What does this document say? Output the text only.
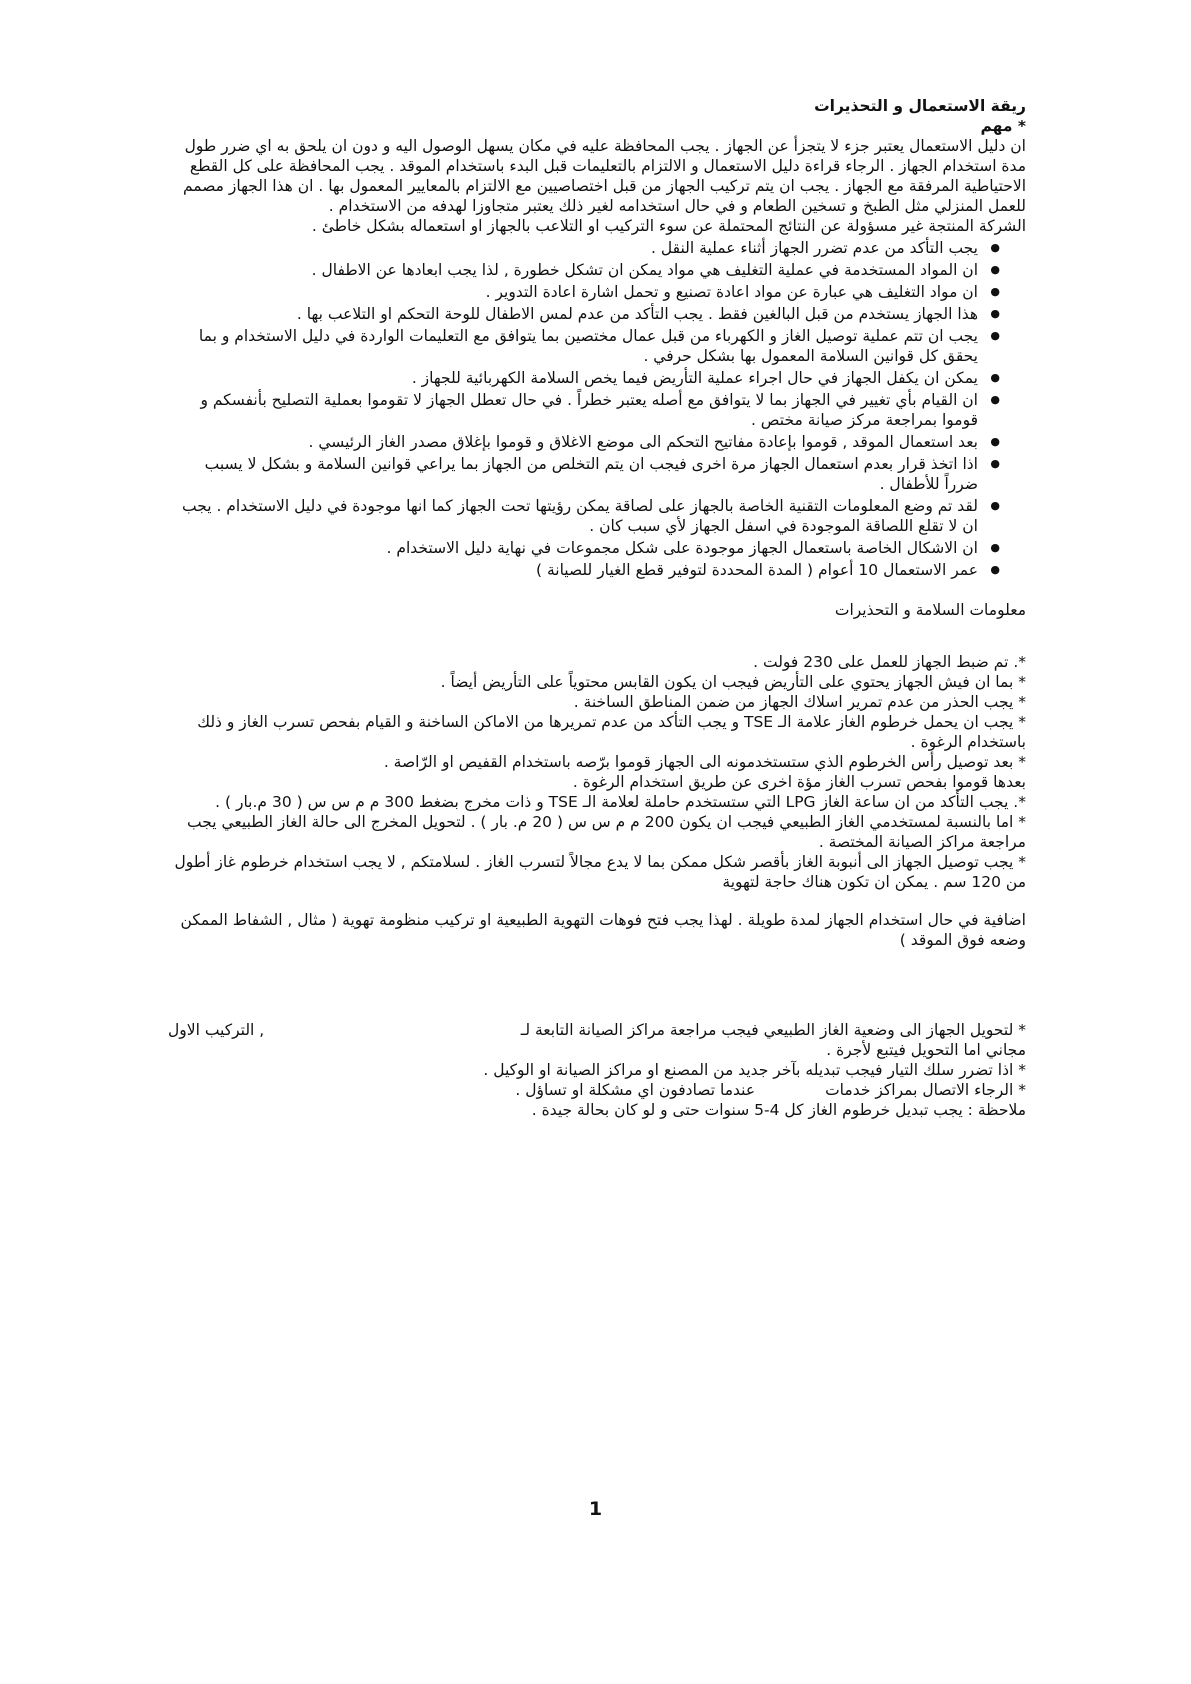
ريقة الاستعمال و التحذيرات
* مهم

ان دليل الاستعمال يعتبر جزء لا يتجزأ عن الجهاز . يجب المحافظة عليه في مكان يسهل الوصول اليه و دون ان يلحق به اي ضرر طول مدة استخدام الجهاز . الرجاء قراءة دليل الاستعمال و الالتزام بالتعليمات قبل البدء باستخدام الموقد . يجب المحافظة على كل القطع الاحتياطية المرفقة مع الجهاز . يجب ان يتم تركيب الجهاز من قبل اختصاصيين مع الالتزام بالمعايير المعمول بها . ان هذا الجهاز مصمم للعمل المنزلي مثل الطبخ و تسخين الطعام و في حال استخدامه لغير ذلك يعتبر متجاوزا لهدفه من الاستخدام .

الشركة المنتجة غير مسؤولة عن النتائج المحتملة عن سوء التركيب او التلاعب بالجهاز او استعماله بشكل خاطئ .

● يجب التأكد من عدم تضرر الجهاز أثناء عملية النقل .
● ان المواد المستخدمة في عملية التغليف هي مواد يمكن ان تشكل خطورة , لذا يجب ابعادها عن الاطفال .
● ان مواد التغليف هي عبارة عن مواد اعادة تصنيع و تحمل اشارة اعادة التدوير .
● هذا الجهاز يستخدم من قبل البالغين فقط . يجب التأكد من عدم لمس الاطفال للوحة التحكم او التلاعب بها .
● يجب ان تتم عملية توصيل الغاز و الكهرباء من قبل عمال مختصين بما يتوافق مع التعليمات الواردة في دليل الاستخدام و بما يحقق كل قوانين السلامة المعمول بها بشكل حرفي .
● يمكن ان يكفل الجهاز في حال اجراء عملية التأريض فيما يخص السلامة الكهربائية للجهاز .
● ان القيام بأي تغيير في الجهاز بما لا يتوافق مع أصله يعتبر خطراً . في حال تعطل الجهاز لا تقوموا بعملية التصليح بأنفسكم و قوموا بمراجعة مركز صيانة مختص .
● بعد استعمال الموقد , قوموا بإعادة مفاتيح التحكم الى موضع الاغلاق و قوموا بإغلاق مصدر الغاز الرئيسي .
● اذا اتخذ قرار بعدم استعمال الجهاز مرة اخرى فيجب ان يتم التخلص من الجهاز بما يراعي قوانين السلامة و بشكل لا يسبب ضرراً للأطفال .
● لقد تم وضع المعلومات التقنية الخاصة بالجهاز على لصاقة يمكن رؤيتها تحت الجهاز كما انها موجودة في دليل الاستخدام . يجب ان لا تقلع اللصاقة الموجودة في اسفل الجهاز لأي سبب كان .
● ان الاشكال الخاصة باستعمال الجهاز موجودة على شكل مجموعات في نهاية دليل الاستخدام .
● عمر الاستعمال 10 أعوام ( المدة المحددة لتوفير قطع الغيار للصيانة )

معلومات السلامة و التحذيرات

*. تم ضبط الجهاز للعمل على 230 فولت .

* بما ان فيش الجهاز يحتوي على التأريض فيجب ان يكون القابس محتوياً على التأريض أيضاً .

* يجب الحذر من عدم تمرير اسلاك الجهاز من ضمن المناطق الساخنة .

* يجب ان يحمل خرطوم الغاز علامة الـ TSE و يجب التأكد من عدم تمريرها من الاماكن الساخنة و القيام بفحص تسرب الغاز و ذلك باستخدام الرغوة .

* بعد توصيل رأس الخرطوم الذي ستستخدمونه الى الجهاز قوموا برّصه باستخدام القفيص او الرّاصة .

بعدها قوموا بفحص تسرب الغاز مؤة اخرى عن طريق استخدام الرغوة .

*. يجب التأكد من ان ساعة الغاز LPG التي ستستخدم حاملة لعلامة الـ TSE و ذات مخرج بضغط 300 م م س س ( 30 م.بار ) .

* اما بالنسبة لمستخدمي الغاز الطبيعي فيجب ان يكون 200 م م س س ( 20 م. بار ) . لتحويل المخرج الى حالة الغاز الطبيعي يجب مراجعة مراكز الصيانة المختصة .

* يجب توصيل الجهاز الى أنبوبة الغاز بأقصر شكل ممكن بما لا يدع مجالاً لتسرب الغاز . لسلامتكم , لا يجب استخدام خرطوم غاز أطول من 120 سم . يمكن ان تكون هناك حاجة لتهوية

اضافية في حال استخدام الجهاز لمدة طويلة . لهذا يجب فتح فوهات التهوية الطبيعية او تركيب منظومة تهوية ( مثال , الشفاط الممكن وضعه فوق الموقد )

* لتحويل الجهاز الى وضعية الغاز الطبيعي فيجب مراجعة مراكز الصيانة التابعة لـ
, التركيب الاول

مجاني اما التحويل فيتبع لأجرة .

* اذا تضرر سلك التيار فيجب تبديله بآخر جديد من المصنع او مراكز الصيانة او الوكيل .

* الرجاء الاتصال بمراكز خدماتعندما تصادفون اي مشكلة او تساؤل .

ملاحظة : يجب تبديل خرطوم الغاز كل 4-5 سنوات حتى و لو كان بحالة جيدة .

1
